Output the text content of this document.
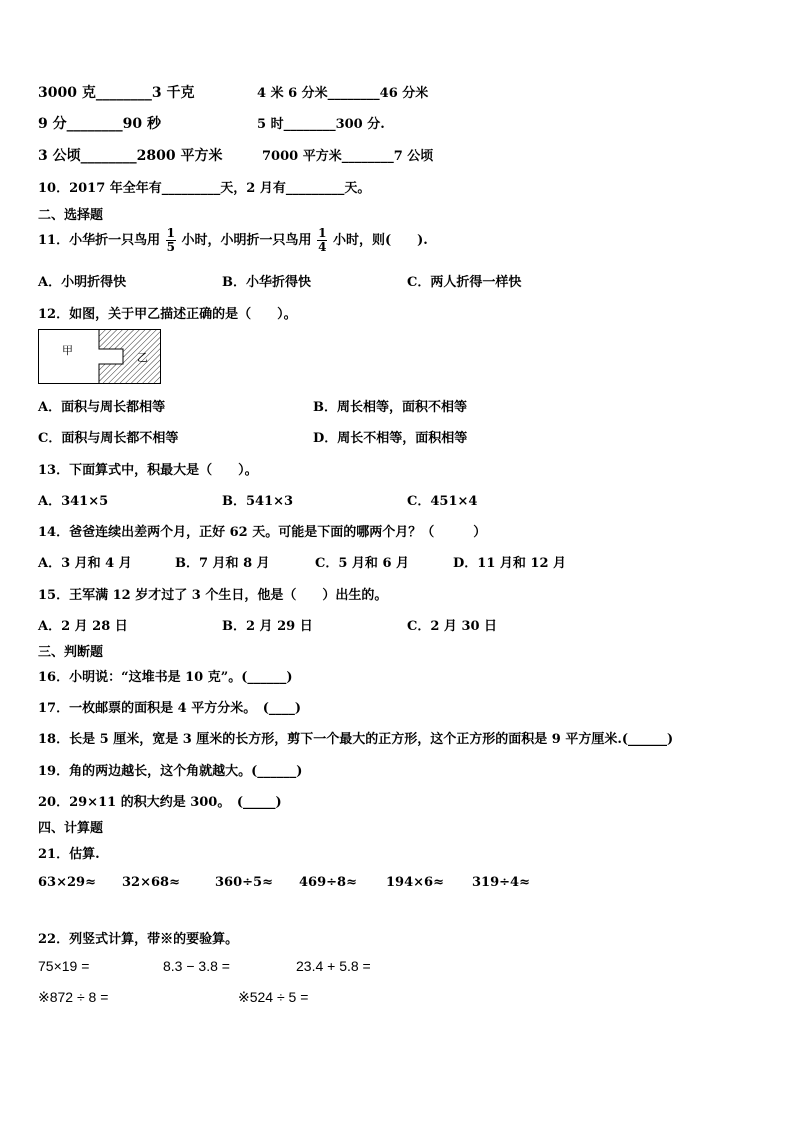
3000 克________3 千克	4 米 6 分米________46 分米
9 分________90 秒	5 时________300 分.
3 公顷________2800 平方米	7000 平方米________7 公顷
10．2017 年全年有_________天，2 月有_________天。
二、选择题
11．小华折一只鸟用 $\frac{1}{5}$ 小时，小明折一只鸟用 $\frac{1}{4}$ 小时，则(　　).
A．小明折得快	B．小华折得快	C．两人折得一样快
12．如图，关于甲乙描述正确的是（　　）。
甲
乙
A．面积与周长都相等	B．周长相等，面积不相等
C．面积与周长都不相等	D．周长不相等，面积相等
13．下面算式中，积最大是（　　）。
A．341×5	B．541×3	C．451×4
14．爸爸连续出差两个月，正好 62 天。可能是下面的哪两个月？（　　　）
A．3 月和 4 月	B．7 月和 8 月	C．5 月和 6 月	D．11 月和 12 月
15．王军满 12 岁才过了 3 个生日，他是（　　）出生的。
A．2 月 28 日	B．2 月 29 日	C．2 月 30 日
三、判断题
16．小明说：“这堆书是 10 克”。(______)
17．一枚邮票的面积是 4 平方分米。　(____)
18．长是 5 厘米，宽是 3 厘米的长方形，剪下一个最大的正方形，这个正方形的面积是 9 平方厘米.(______)
19．角的两边越长，这个角就越大。(______)
20．29×11 的积大约是 300。　(_____)
四、计算题
21．估算.
63×29≈ 32×68≈	360÷5≈ 469÷8≈ 194×6≈ 319÷4≈
22．列竖式计算，带※的要验算。
75×19 =	8.3 − 3.8 =	23.4 + 5.8 =
※872 ÷ 8 =	※524 ÷ 5 =
